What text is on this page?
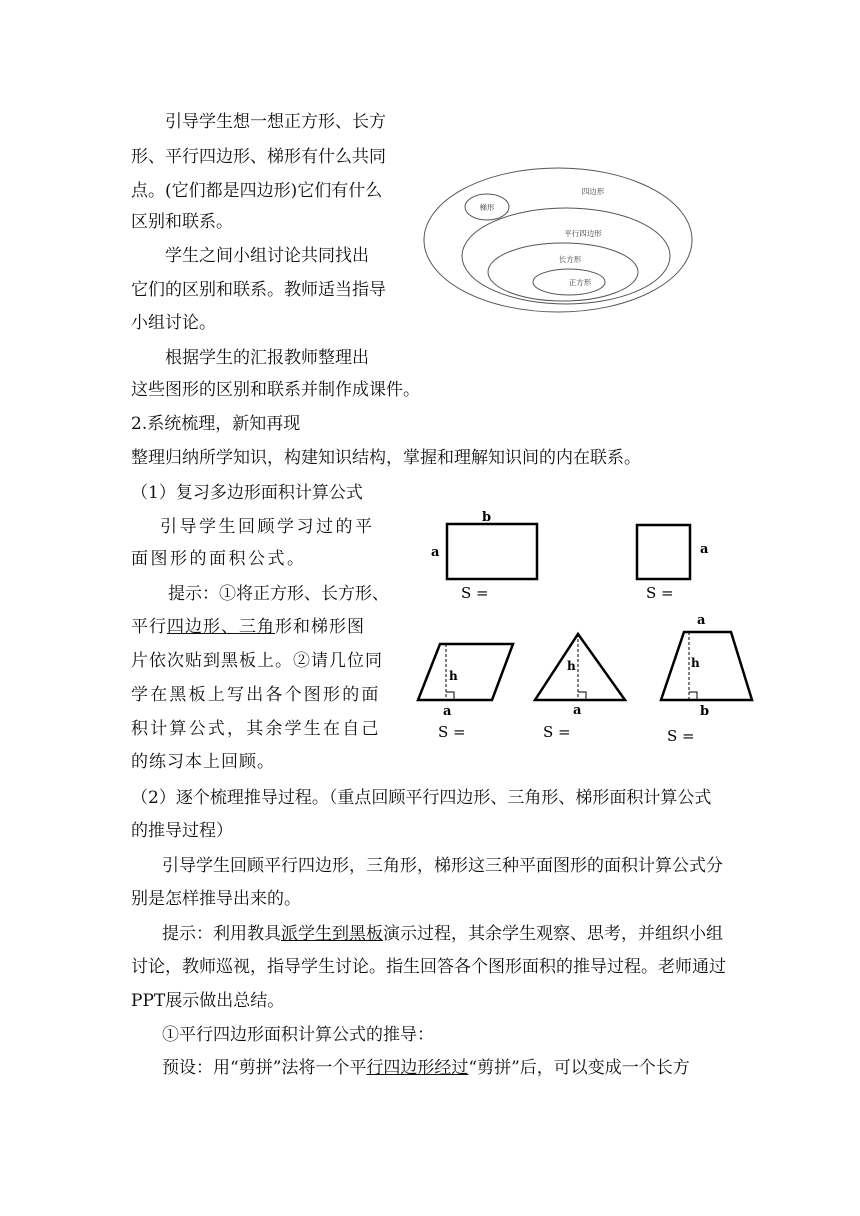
引导学生想一想正方形、长方
形、平行四边形、梯形有什么共同
点。(它们都是四边形)它们有什么
区别和联系。
学生之间小组讨论共同找出
它们的区别和联系。教师适当指导
小组讨论。
根据学生的汇报教师整理出
这些图形的区别和联系并制作成课件。
四边形
梯形
平行四边形
长方形
正方形
2.系统梳理，新知再现
整理归纳所学知识，构建知识结构，掌握和理解知识间的内在联系。
（1）复习多边形面积计算公式
引导学生回顾学习过的平
面图形的面积公式。
提示：①将正方形、长方形、
平行四边形、三角形和梯形图
片依次贴到黑板上。②请几位同
学在黑板上写出各个图形的面
积计算公式，其余学生在自己
的练习本上回顾。
b
a
S =
a
S =
h
a
S =
h
a
S =
a
h
b
S =
（2）逐个梳理推导过程。（重点回顾平行四边形、三角形、梯形面积计算公式
的推导过程）
引导学生回顾平行四边形，三角形，梯形这三种平面图形的面积计算公式分
别是怎样推导出来的。
提示：利用教具派学生到黑板演示过程，其余学生观察、思考，并组织小组
讨论，教师巡视，指导学生讨论。指生回答各个图形面积的推导过程。老师通过
PPT展示做出总结。
①平行四边形面积计算公式的推导：
预设：用“剪拼”法将一个平行四边形经过“剪拼”后，可以变成一个长方
